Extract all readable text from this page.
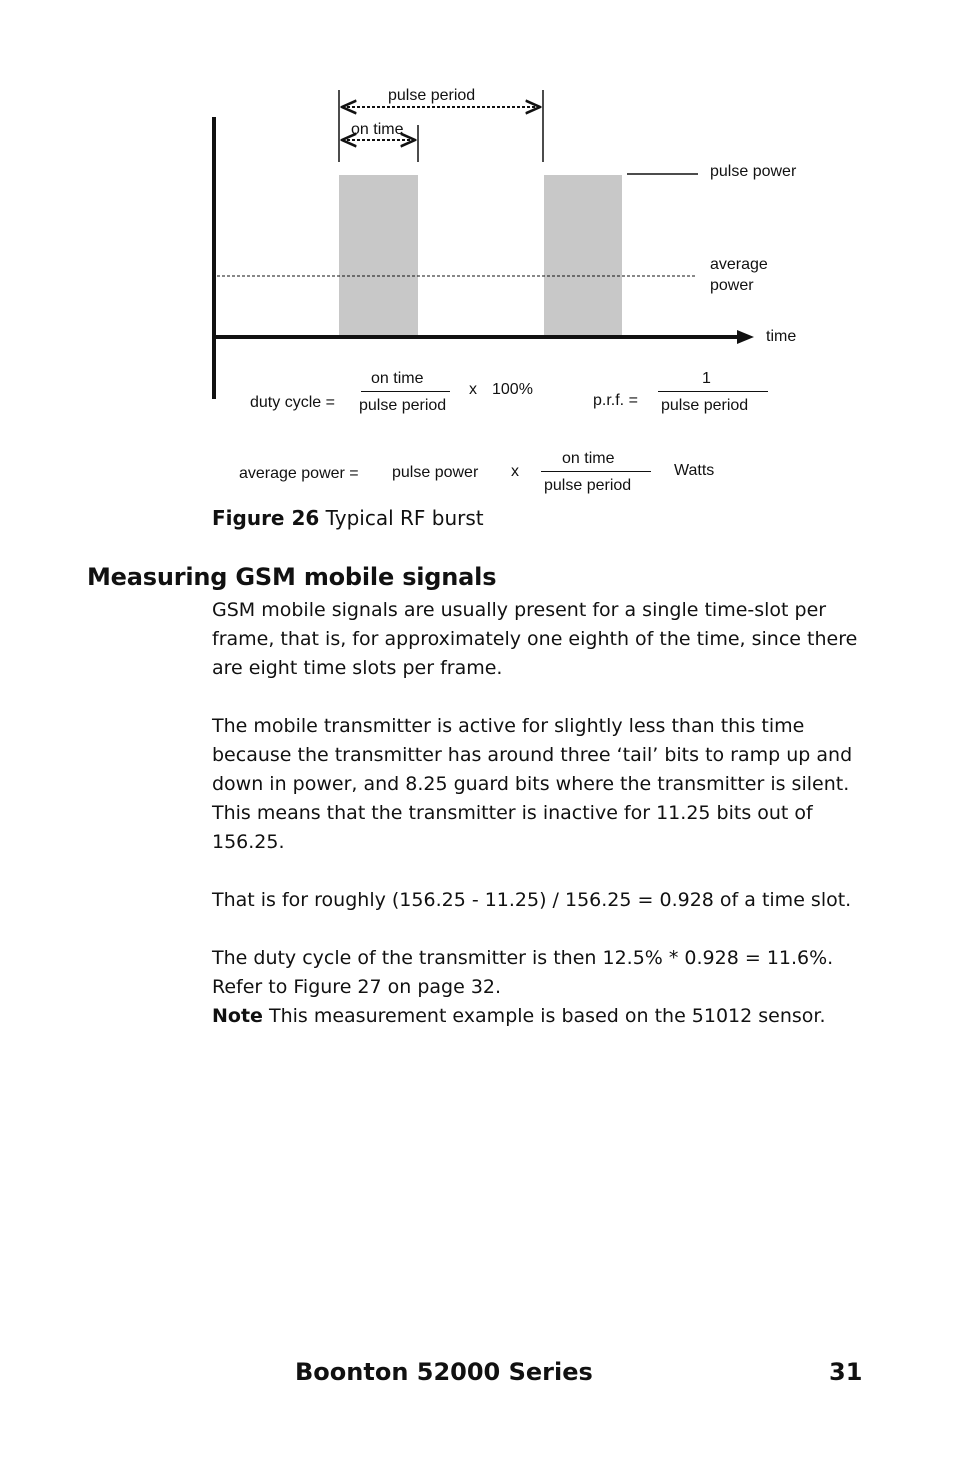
pulse period
on time
pulse power
average
power
time
duty cycle =
on time
pulse period
x 100%
p.r.f. =
1
pulse period
average power = pulse power x
on time
pulse period
Watts
Figure 26 Typical RF burst
Measuring GSM mobile signals

GSM mobile signals are usually present for a single time-slot per frame, that is, for approximately one eighth of the time, since there are eight time slots per frame.

The mobile transmitter is active for slightly less than this time because the transmitter has around three ‘tail’ bits to ramp up and down in power, and 8.25 guard bits where the transmitter is silent. This means that the transmitter is inactive for 11.25 bits out of 156.25.

That is for roughly (156.25 - 11.25) / 156.25 = 0.928 of a time slot.

The duty cycle of the transmitter is then 12.5% * 0.928 = 11.6%.
Refer to Figure 27 on page 32.
Note This measurement example is based on the 51012 sensor.

Boonton 52000 Series	31
